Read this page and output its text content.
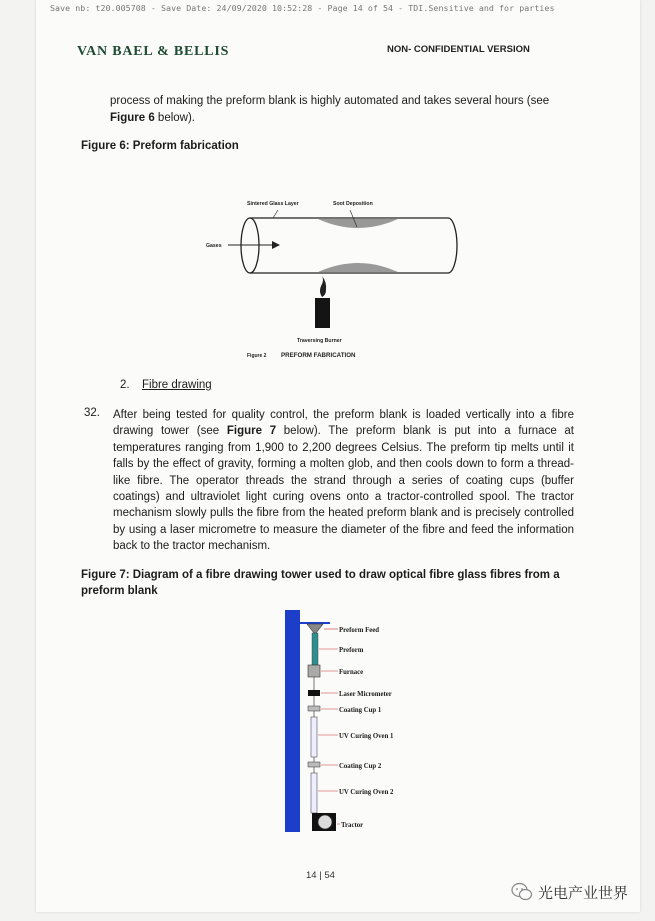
Save nb: t20.005708 - Save Date: 24/09/2020 10:52:28 - Page 14 of 54 - TDI.Sensitive and for parties
VAN BAEL & BELLIS	NON- CONFIDENTIAL VERSION
process of making the preform blank is highly automated and takes several hours (see Figure 6 below).
Figure 6: Preform fabrication
Sintered Glass Layer	Soot Deposition
Gases
Traversing Burner
Figure 2 PREFORM FABRICATION
2. Fibre drawing
32. After being tested for quality control, the preform blank is loaded vertically into a fibre drawing tower (see Figure 7 below). The preform blank is put into a furnace at temperatures ranging from 1,900 to 2,200 degrees Celsius. The preform tip melts until it falls by the effect of gravity, forming a molten glob, and then cools down to form a thread-like fibre. The operator threads the strand through a series of coating cups (buffer coatings) and ultraviolet light curing ovens onto a tractor-controlled spool. The tractor mechanism slowly pulls the fibre from the heated preform blank and is precisely controlled by using a laser micrometre to measure the diameter of the fibre and feed the information back to the tractor mechanism.
Figure 7: Diagram of a fibre drawing tower used to draw optical fibre glass fibres from a preform blank
Preform Feed
Preform
Furnace
Laser Micrometer
Coating Cup 1
UV Curing Oven 1
Coating Cup 2
UV Curing Oven 2
Tractor
14 | 54
光电产业世界
